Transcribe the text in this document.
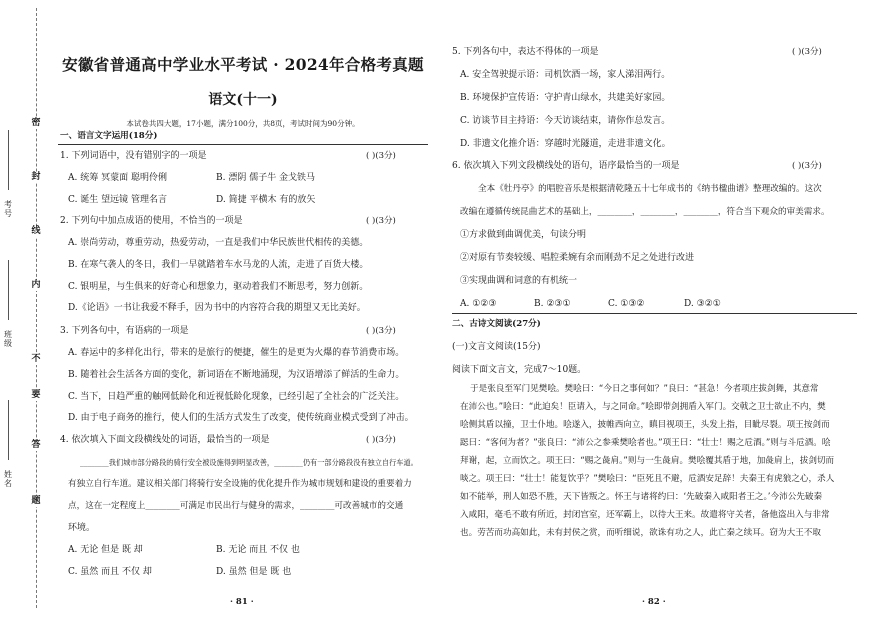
密
封
线
内
不
要
答
题
考号
班级
姓名
安徽省普通高中学业水平考试 · 2024年合格考真题
语文(十一)
本试卷共四大题，17小题，满分100分，共8页，考试时间为90分钟。
一、语言文字运用(18分)
1. 下列词语中，没有错别字的一项是	( )(3分)
A. 统筹 冥蒙面 聪明伶俐	B. 漂阴 儒子牛 金戈铁马
C. 诞生 望远镜 管理名言	D. 简捷 平横木 有的放矢
2. 下列句中加点成语的使用，不恰当的一项是	( )(3分)
A. 崇尚劳动，尊重劳动，热爱劳动，一直是我们中华民族世代相传的美德。
B. 在寒气袭人的冬日，我们一早就踏着车水马龙的人流，走进了百货大楼。
C. 银明星，与生俱来的好奇心和想象力，驱动着我们不断思考，努力创新。
D.《论语》一书让我爱不释手，因为书中的内容符合我的期望又无比美好。
3. 下列各句中，有语病的一项是	( )(3分)
A. 春运中的多样化出行，带来的是旅行的便捷，催生的是更为火爆的春节消费市场。
B. 随着社会生活各方面的变化，新词语在不断地涌现，为汉语增添了鲜活的生命力。
C. 当下，日趋严重的触网低龄化和近视低龄化现象，已经引起了全社会的广泛关注。
D. 由于电子商务的推行，使人们的生活方式发生了改变，使传统商业模式受到了冲击。
4. 依次填入下面文段横线处的词语，最恰当的一项是	( )(3分)
________我们城市部分路段的骑行安全被设施得到明显改善，________仍有一部分路段没有独立自行车道。
有独立自行车道。建议相关部门将骑行安全设施的优化提升作为城市规划和建设的重要着力
点，这在一定程度上________可满足市民出行与健身的需求，________可改善城市的交通
环境。
A. 无论 但是 既 却	B. 无论 而且 不仅 也
C. 虽然 而且 不仅 却	D. 虽然 但是 既 也
· 81 ·
5. 下列各句中，表达不得体的一项是	( )(3分)
A. 安全驾驶提示语：司机饮酒一场，家人涕泪两行。
B. 环境保护宣传语：守护青山绿水，共建美好家园。
C. 访谈节目主持语：今天访谈结束，请你作总发言。
D. 非遗文化推介语：穿越时光隧道，走进非遗文化。
6. 依次填入下列文段横线处的语句，语序最恰当的一项是	( )(3分)
全本《牡丹亭》的唱腔音乐是根据清乾隆五十七年成书的《纳书楹曲谱》整理改编的。这次
改编在遵循传统昆曲艺术的基础上，________，________，________，符合当下观众的审美需求。
①方求做到曲调优美，句读分明
②对原有节奏较缓、唱腔柔婉有余而刚劲不足之处进行改进
③实现曲调和词意的有机统一
A. ①②③	B. ②③①	C. ①③②	D. ③②①
二、古诗文阅读(27分)
(一)文言文阅读(15分)
阅读下面文言文，完成7～10题。
于是张良至军门见樊哙。樊哙曰：“今日之事何如？”良曰：“甚急！今者项庄拔剑舞，其意常
在沛公也。”哙曰：“此迫矣！臣请入，与之同命。”哙即带剑拥盾入军门。交戟之卫士欲止不内，樊
哙侧其盾以撞，卫士仆地。哙遂入，披帷西向立，瞋目视项王，头发上指，目眦尽裂。项王按剑而
跽曰：“客何为者？”张良曰：“沛公之参乘樊哙者也。”项王曰：“壮士！赐之卮酒。”则与斗卮酒。哙
拜谢，起，立而饮之。项王曰：“赐之彘肩。”则与一生彘肩。樊哙覆其盾于地，加彘肩上，拔剑切而
啖之。项王曰：“壮士！能复饮乎？”樊哙曰：“臣死且不避，卮酒安足辞！夫秦王有虎狼之心，杀人
如不能举，刑人如恐不胜，天下皆叛之。怀王与诸将约曰：‘先破秦入咸阳者王之。’今沛公先破秦
入咸阳，毫毛不敢有所近，封闭宫室，还军霸上，以待大王来。故遣将守关者，备他盗出入与非常
也。劳苦而功高如此，未有封侯之赏，而听细说，欲诛有功之人，此亡秦之续耳。窃为大王不取
· 82 ·
